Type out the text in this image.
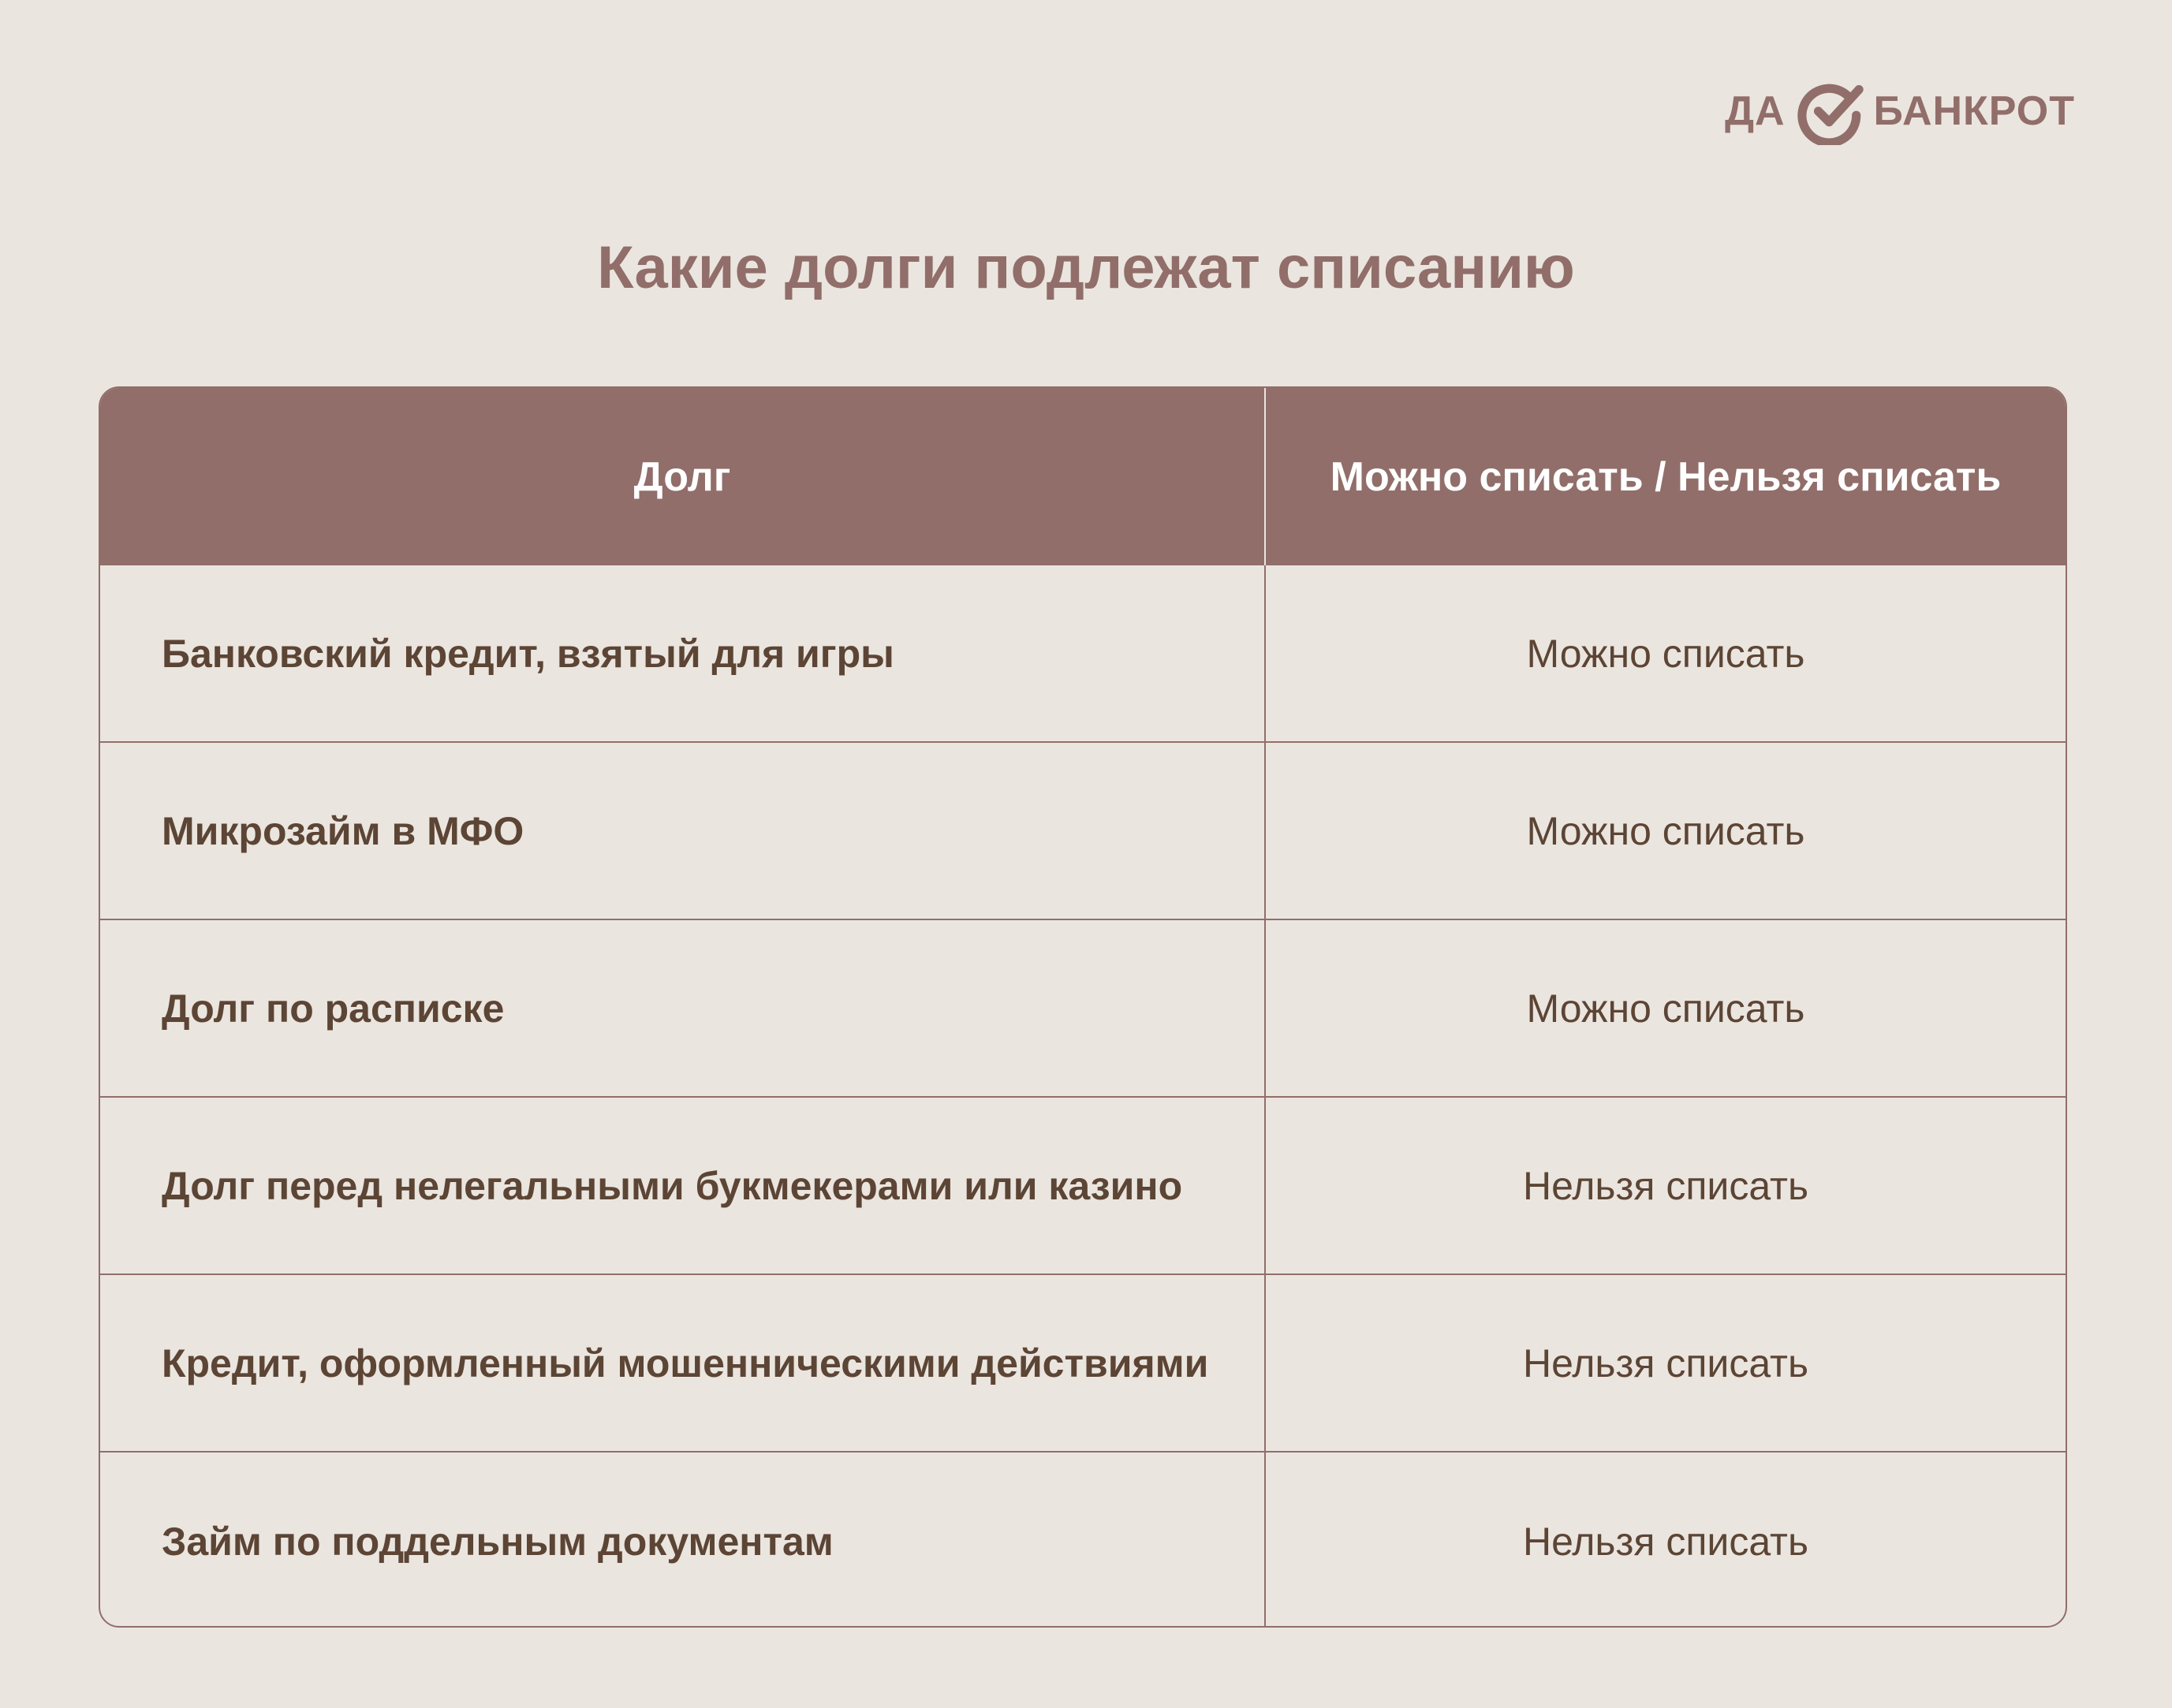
ДА БАНКРОТ
Какие долги подлежат списанию
Долг	Можно списать / Нельзя списать
Банковский кредит, взятый для игры	Можно списать
Микрозайм в МФО	Можно списать
Долг по расписке	Можно списать
Долг перед нелегальными букмекерами или казино	Нельзя списать
Кредит, оформленный мошенническими действиями	Нельзя списать
Займ по поддельным документам	Нельзя списать
